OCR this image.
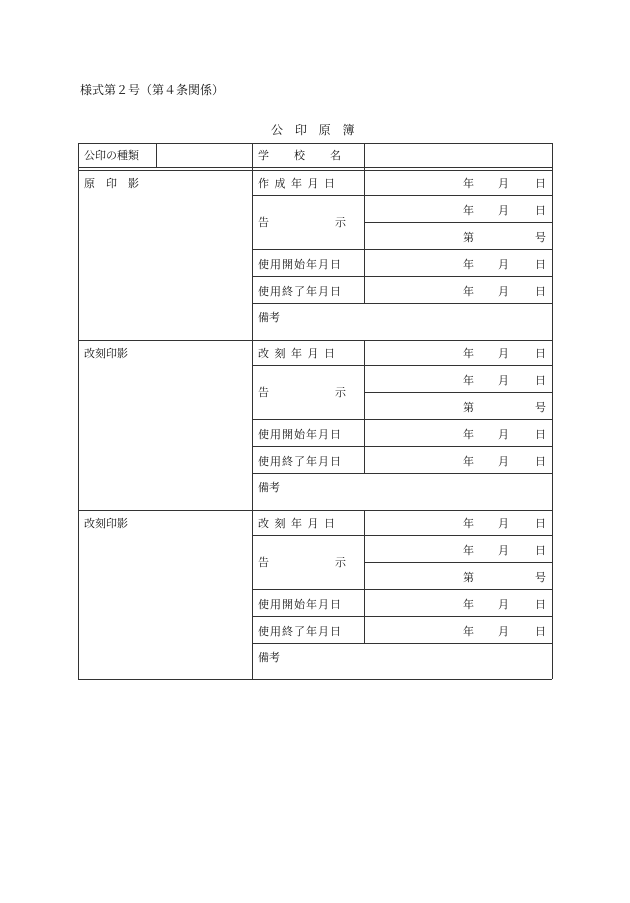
様式第２号（第４条関係）
公 印 原 簿
公印の種類	学　　校　　名
原　印　影	作 成 年 月 日	年 月 日
告　　　　　　示
年 月 日
第	号
使用開始年月日	年 月 日
使用終了年月日	年 月 日
備考
改刻印影	改 刻 年 月 日	年 月 日
告　　　　　　示
年 月 日
第	号
使用開始年月日	年 月 日
使用終了年月日	年 月 日
備考
改刻印影	改 刻 年 月 日	年 月 日
告　　　　　　示
年 月 日
第	号
使用開始年月日	年 月 日
使用終了年月日	年 月 日
備考
